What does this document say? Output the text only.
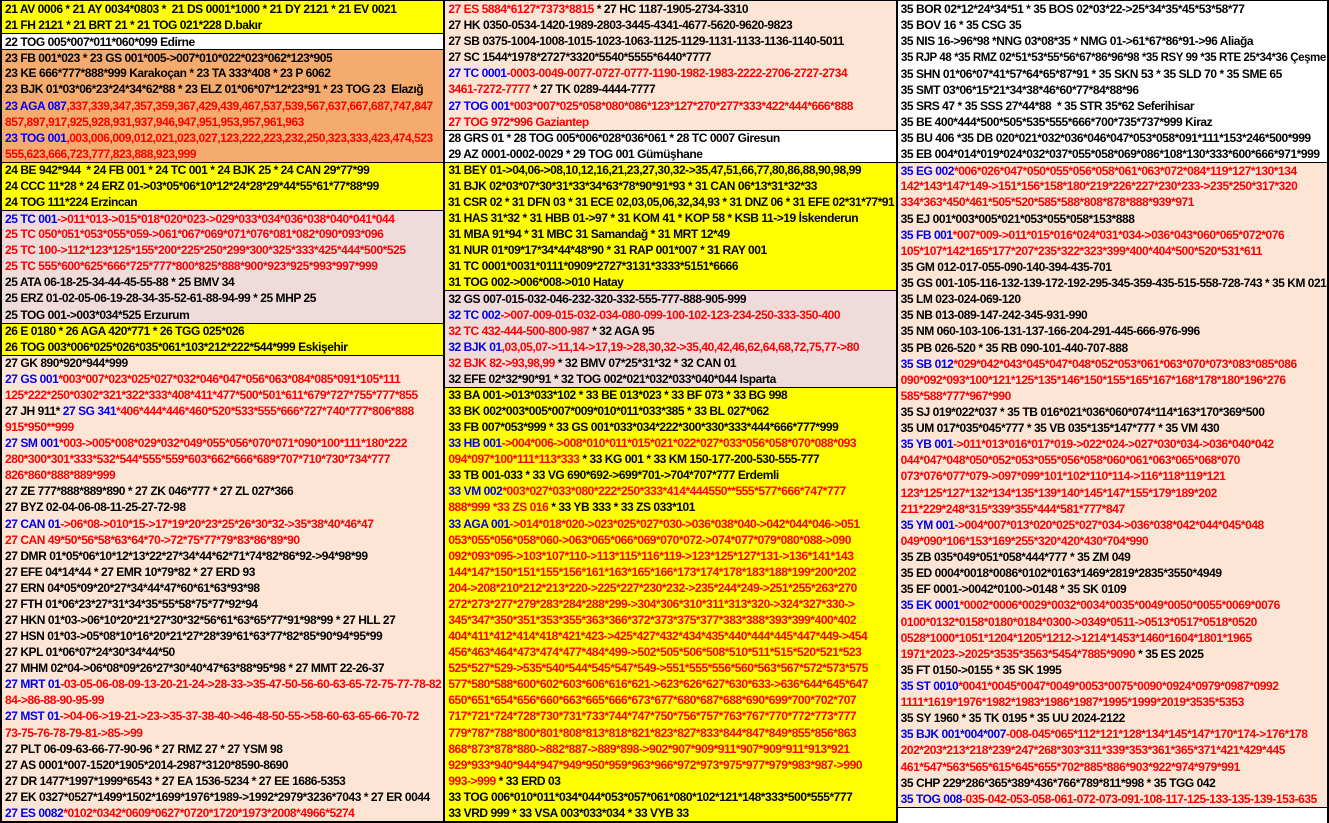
21 AV 0006 * 21 AY 0034*0803 *  21 DS 0001*1000 * 21 DY 2121 * 21 EV 0021
21 FH 2121 * 21 BRT 21 * 21 TOG 021*228 D.bakır
22 TOG 005*007*011*060*099 Edirne
23 FB 001*023 * 23 GS 001*005->007*010*022*023*062*123*905
23 KE 666*777*888*999 Karakoçan * 23 TA 333*408 * 23 P 6062
23 BJK 01*03*06*23*24*34*62*88 * 23 ELZ 01*06*07*12*23*91 * 23 TOG 23  Elazığ
23 AGA 087,337,339,347,357,359,367,429,439,467,537,539,567,637,667,687,747,847
857,897,917,925,928,931,937,946,947,951,953,957,961,963
23 TOG 001,003,006,009,012,021,023,027,123,222,223,232,250,323,333,423,474,523
555,623,666,723,777,823,888,923,999
24 BE 942*944  * 24 FB 001 * 24 TC 001 * 24 BJK 25 * 24 CAN 29*77*99
24 CCC 11*28 * 24 ERZ 01->03*05*06*10*12*24*28*29*44*55*61*77*88*99
24 TOG 111*224 Erzincan
25 TC 001->011*013->015*018*020*023->029*033*034*036*038*040*041*044
25 TC 050*051*053*055*059->061*067*069*071*076*081*082*090*093*096
25 TC 100->112*123*125*155*200*225*250*299*300*325*333*425*444*500*525
25 TC 555*600*625*666*725*777*800*825*888*900*923*925*993*997*999
25 ATA 06-18-25-34-44-45-55-88 * 25 BMV 34
25 ERZ 01-02-05-06-19-28-34-35-52-61-88-94-99 * 25 MHP 25
25 TOG 001->003*034*525 Erzurum
26 E 0180 * 26 AGA 420*771 * 26 TGG 025*026
26 TOG 003*006*025*026*035*061*103*212*222*544*999 Eskişehir
27 GK 890*920*944*999
27 GS 001*003*007*023*025*027*032*046*047*056*063*084*085*091*105*111
125*222*250*0302*321*322*333*408*411*477*500*501*611*679*727*755*777*855
27 JH 911* 27 SG 341*406*444*446*460*520*533*555*666*727*740*777*806*888
915*950**999
27 SM 001*003->005*008*029*032*049*055*056*070*071*090*100*111*180*222
280*300*301*333*532*544*555*559*603*662*666*689*707*710*730*734*777
826*860*888*889*999
27 ZE 777*888*889*890 * 27 ZK 046*777 * 27 ZL 027*366
27 BYZ 02-04-06-08-11-25-27-72-98
27 CAN 01->06*08->010*15->17*19*20*23*25*26*30*32->35*38*40*46*47
27 CAN 49*50*56*58*63*64*70->72*75*77*79*83*86*89*90
27 DMR 01*05*06*10*12*13*22*27*34*44*62*71*74*82*86*92->94*98*99
27 EFE 04*14*44 * 27 EMR 10*79*82 * 27 ERD 93
27 ERN 04*05*09*20*27*34*44*47*60*61*63*93*98
27 FTH 01*06*23*27*31*34*35*55*58*75*77*92*94
27 HKN 01*03->06*10*20*21*27*30*32*56*61*63*65*77*91*98*99 * 27 HLL 27
27 HSN 01*03->05*08*10*16*20*21*27*28*39*61*63*77*82*85*90*94*95*99
27 KPL 01*06*07*24*30*34*44*50
27 MHM 02*04->06*08*09*26*27*30*40*47*63*88*95*98 * 27 MMT 22-26-37
27 MRT 01-03-05-06-08-09-13-20-21-24->28-33->35-47-50-56-60-63-65-72-75-77-78-82
84->86-88-90-95-99
27 MST 01->04-06->19-21->23->35-37-38-40->46-48-50-55->58-60-63-65-66-70-72
73-75-76-78-79-81->85->99
27 PLT 06-09-63-66-77-90-96 * 27 RMZ 27 * 27 YSM 98
27 AS 0001*007-1520*1905*2014-2987*3120*8590-8690
27 DR 1477*1997*1999*6543 * 27 EA 1536-5234 * 27 EE 1686-5353
27 EK 0327*0527*1499*1502*1699*1976*1989->1992*2979*3236*7043 * 27 ER 0044
27 ES 0082*0102*0342*0609*0627*0720*1720*1973*2008*4966*5274
27 ES 5884*6127*7373*8815 * 27 HC 1187-1905-2734-3310
27 HK 0350-0534-1420-1989-2803-3445-4341-4677-5620-9620-9823
27 SB 0375-1004-1008-1015-1023-1063-1125-1129-1131-1133-1136-1140-5011
27 SC 1544*1978*2727*3320*5540*5555*6440*7777
27 TC 0001-0003-0049-0077-0727-0777-1190-1982-1983-2222-2706-2727-2734
3461-7272-7777 * 27 TK 0289-4444-7777
27 TOG 001*003*007*025*058*080*086*123*127*270*277*333*422*444*666*888
27 TOG 972*996 Gaziantep
28 GRS 01 * 28 TOG 005*006*028*036*061 * 28 TC 0007 Giresun
29 AZ 0001-0002-0029 * 29 TOG 001 Gümüşhane
31 BEY 01->04,06->08,10,12,16,21,23,27,30,32->35,47,51,66,77,80,86,88,90,98,99
31 BJK 02*03*07*30*31*33*34*63*78*90*91*93 * 31 CAN 06*13*31*32*33
31 CSR 02 * 31 DFN 03 * 31 ECE 02,03,05,06,32,34,93 * 31 DNZ 06 * 31 EFE 02*31*77*91
31 HAS 31*32 * 31 HBB 01->97 * 31 KOM 41 * KOP 58 * KSB 11->19 İskenderun
31 MBA 91*94 * 31 MBC 31 Samandağ * 31 MRT 12*49
31 NUR 01*09*17*34*44*48*90 * 31 RAP 001*007 * 31 RAY 001
31 TC 0001*0031*0111*0909*2727*3131*3333*5151*6666
31 TOG 002->006*008->010 Hatay
32 GS 007-015-032-046-232-320-332-555-777-888-905-999
32 TC 002->007-009-015-032-034-080-099-100-102-123-234-250-333-350-400
32 TC 432-444-500-800-987 * 32 AGA 95
32 BJK 01,03,05,07->11,14->17,19->28,30,32->35,40,42,46,62,64,68,72,75,77->80
32 BJK 82->93,98,99 * 32 BMV 07*25*31*32 * 32 CAN 01
32 EFE 02*32*90*91 * 32 TOG 002*021*032*033*040*044 Isparta
33 BA 001->013*033*102 * 33 BE 013*023 * 33 BF 073 * 33 BG 998
33 BK 002*003*005*007*009*010*011*033*385 * 33 BL 027*062
33 FB 007*053*999 * 33 GS 001*033*034*222*300*330*333*444*666*777*999
33 HB 001->004*006->008*010*011*015*021*022*027*033*056*058*070*088*093
094*097*100*111*113*333 * 33 KG 001 * 33 KM 150-177-200-530-555-777
33 TB 001-033 * 33 VG 690*692->699*701->704*707*777 Erdemli
33 VM 002*003*027*033*080*222*250*333*414*444550**555*577*666*747*777
888*999 *33 ZS 016 * 33 YB 333 * 33 ZS 033*101
33 AGA 001->014*018*020->023*025*027*030->036*038*040->042*044*046->051
053*055*056*058*060->063*065*066*069*070*072->074*077*079*080*088->090
092*093*095->103*107*110->113*115*116*119->123*125*127*131->136*141*143
144*147*150*151*155*156*161*163*165*166*173*174*178*183*188*199*200*202
204->208*210*212*213*220->225*227*230*232->235*244*249->251*255*263*270
272*273*277*279*283*284*288*299->304*306*310*311*313*320->324*327*330->
345*347*350*351*353*355*363*366*372*373*375*377*383*388*393*399*400*402
404*411*412*414*418*421*423->425*427*432*434*435*440*444*445*447*449->454
456*463*464*473*474*477*484*499->502*505*506*508*510*511*515*520*521*523
525*527*529->535*540*544*545*547*549->551*555*556*560*563*567*572*573*575
577*580*588*600*602*603*606*616*621->623*626*627*630*633->636*644*645*647
650*651*654*656*660*663*665*666*673*677*680*687*688*690*699*700*702*707
717*721*724*728*730*731*733*744*747*750*756*757*763*767*770*772*773*777
779*787*788*800*801*808*813*818*821*823*827*833*844*847*849*855*856*863
868*873*878*880->882*887->889*898->902*907*909*911*907*909*911*913*921
929*933*940*944*947*949*950*959*963*966*972*973*975*977*979*983*987->990
993->999 * 33 ERD 03
33 TOG 006*010*011*034*044*053*057*061*080*102*121*148*333*500*555*777
33 VRD 999 * 33 VSA 003*033*034 * 33 VYB 33
35 BOR 02*12*24*34*51 * 35 BOS 02*03*22->25*34*35*45*53*58*77
35 BOV 16 * 35 CSG 35
35 NIS 16->96*98 *NNG 03*08*35 * NMG 01->61*67*86*91->96 Aliağa
35 RJP 48 *35 RMZ 02*51*53*55*56*67*86*96*98 *35 RSY 99 *35 RTE 25*34*36 Çeşme
35 SHN 01*06*07*41*57*64*65*87*91 * 35 SKN 53 * 35 SLD 70 * 35 SME 65
35 SMT 03*06*15*21*34*38*46*60*77*84*88*96
35 SRS 47 * 35 SSS 27*44*88  * 35 STR 35*62 Seferihisar
35 BE 400*444*500*505*535*555*666*700*735*737*999 Kiraz
35 BU 406 *35 DB 020*021*032*036*046*047*053*058*091*111*153*246*500*999
35 EB 004*014*019*024*032*037*055*058*069*086*108*130*333*600*666*971*999
35 EG 002*006*026*047*050*055*056*058*061*063*072*084*119*127*130*134
142*143*147*149->151*156*158*180*219*226*227*230*233->235*250*317*320
334*363*450*461*505*520*585*588*808*878*888*939*971
35 EJ 001*003*005*021*053*055*058*153*888
35 FB 001*007*009->011*015*016*024*031*034->036*043*060*065*072*076
105*107*142*165*177*207*235*322*323*399*400*404*500*520*531*611
35 GM 012-017-055-090-140-394-435-701
35 GS 001-105-116-132-139-172-192-295-345-359-435-515-558-728-743 * 35 KM 021
35 LM 023-024-069-120
35 NB 013-089-147-242-345-931-990
35 NM 060-103-106-131-137-166-204-291-445-666-976-996
35 PB 026-520 * 35 RB 090-101-440-707-888
35 SB 012*029*042*043*045*047*048*052*053*061*063*070*073*083*085*086
090*092*093*100*121*125*135*146*150*155*165*167*168*178*180*196*276
585*588*777*967*990
35 SJ 019*022*037 * 35 TB 016*021*036*060*074*114*163*170*369*500
35 UM 017*035*045*777 * 35 VB 035*135*147*777 * 35 VM 430
35 YB 001->011*013*016*017*019->022*024->027*030*034->036*040*042
044*047*048*050*052*053*055*056*058*060*061*063*065*068*070
073*076*077*079->097*099*101*102*110*114->116*118*119*121
123*125*127*132*134*135*139*140*145*147*155*179*189*202
211*229*248*315*339*355*444*581*777*847
35 YM 001->004*007*013*020*025*027*034->036*038*042*044*045*048
049*090*106*153*169*255*320*420*430*704*990
35 ZB 035*049*051*058*444*777 * 35 ZM 049
35 ED 0004*0018*0086*0102*0163*1469*2819*2835*3550*4949
35 EF 0001->0042*0100->0148 * 35 SK 0109
35 EK 0001*0002*0006*0029*0032*0034*0035*0049*0050*0055*0069*0076
0100*0132*0158*0180*0184*0300->0349*0511->0513*0517*0518*0520
0528*1000*1051*1204*1205*1212->1214*1453*1460*1604*1801*1965
1971*2023->2025*3535*3563*5454*7885*9090 * 35 ES 2025
35 FT 0150->0155 * 35 SK 1995
35 ST 0010*0041*0045*0047*0049*0053*0075*0090*0924*0979*0987*0992
1111*1619*1976*1982*1983*1986*1987*1995*1999*2019*3535*5353
35 SY 1960 * 35 TK 0195 * 35 UU 2024-2122
35 BJK 001*004*007-008-045*065*112*121*128*134*145*147*170*174->176*178
202*203*213*218*239*247*268*303*311*339*353*361*365*371*421*429*445
461*547*563*565*615*645*655*702*885*886*903*922*974*979*991
35 CHP 229*286*365*389*436*766*789*811*998 * 35 TGG 042
35 TOG 008-035-042-053-058-061-072-073-091-108-117-125-133-135-139-153-635
